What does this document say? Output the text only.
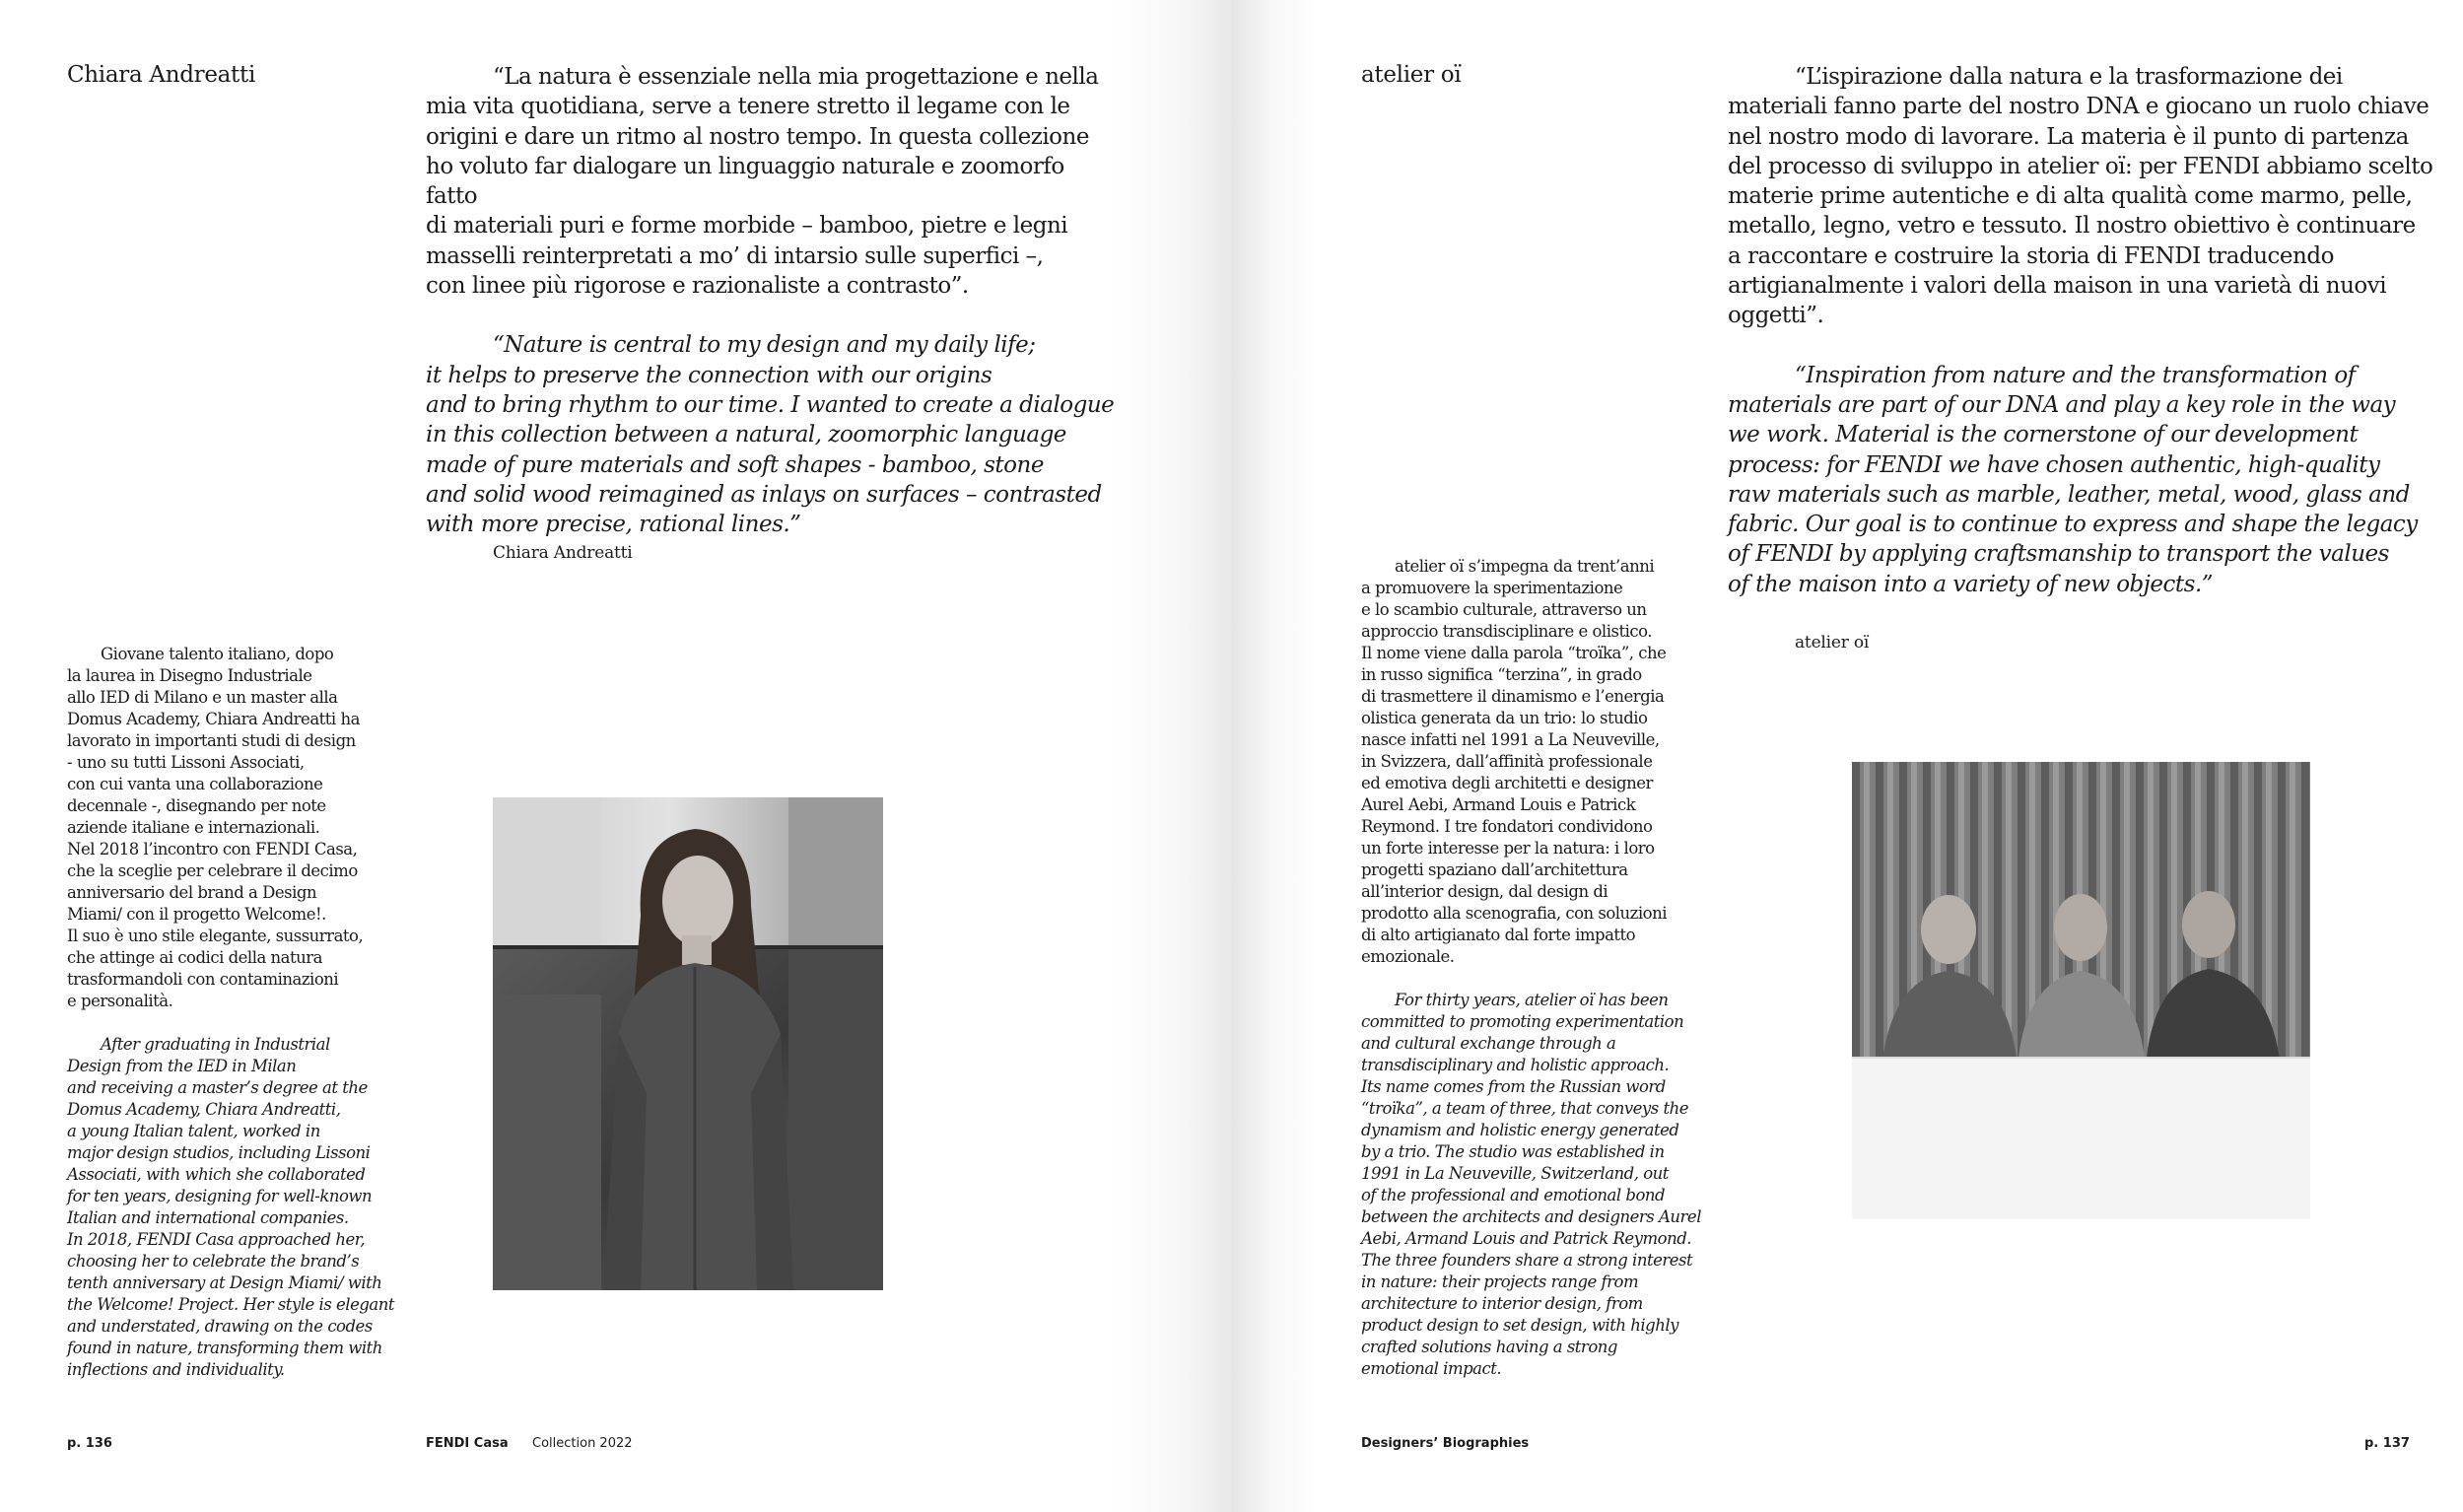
Chiara Andreatti	“La natura è essenziale nella mia progettazione e nella
mia vita quotidiana, serve a tenere stretto il legame con le
origini e dare un ritmo al nostro tempo. In questa collezione
ho voluto far dialogare un linguaggio naturale e zoomorfo fatto
di materiali puri e forme morbide – bamboo, pietre e legni
masselli reinterpretati a mo’ di intarsio sulle superfici –,
con linee più rigorose e razionaliste a contrasto”.

“Nature is central to my design and my daily life;
it helps to preserve the connection with our origins
and to bring rhythm to our time. I wanted to create a dialogue
in this collection between a natural, zoomorphic language
made of pure materials and soft shapes - bamboo, stone
and solid wood reimagined as inlays on surfaces – contrasted
with more precise, rational lines.”

Chiara Andreatti

Giovane talento italiano, dopo
la laurea in Disegno Industriale
allo IED di Milano e un master alla
Domus Academy, Chiara Andreatti ha
lavorato in importanti studi di design
- uno su tutti Lissoni Associati,
con cui vanta una collaborazione
decennale -, disegnando per note
aziende italiane e internazionali.
Nel 2018 l’incontro con FENDI Casa,
che la sceglie per celebrare il decimo
anniversario del brand a Design
Miami/ con il progetto Welcome!.
Il suo è uno stile elegante, sussurrato,
che attinge ai codici della natura
trasformandoli con contaminazioni
e personalità.

After graduating in Industrial
Design from the IED in Milan
and receiving a master’s degree at the
Domus Academy, Chiara Andreatti,
a young Italian talent, worked in
major design studios, including Lissoni
Associati, with which she collaborated
for ten years, designing for well-known
Italian and international companies.
In 2018, FENDI Casa approached her,
choosing her to celebrate the brand’s
tenth anniversary at Design Miami/ with
the Welcome! Project. Her style is elegant
and understated, drawing on the codes
found in nature, transforming them with
inflections and individuality.

p. 136	FENDI Casa Collection 2022
atelier oï	“L’ispirazione dalla natura e la trasformazione dei
materiali fanno parte del nostro DNA e giocano un ruolo chiave
nel nostro modo di lavorare. La materia è il punto di partenza
del processo di sviluppo in atelier oï: per FENDI abbiamo scelto
materie prime autentiche e di alta qualità come marmo, pelle,
metallo, legno, vetro e tessuto. Il nostro obiettivo è continuare
a raccontare e costruire la storia di FENDI traducendo
artigianalmente i valori della maison in una varietà di nuovi
oggetti”.

“Inspiration from nature and the transformation of
materials are part of our DNA and play a key role in the way
we work. Material is the cornerstone of our development
process: for FENDI we have chosen authentic, high-quality
raw materials such as marble, leather, metal, wood, glass and
fabric. Our goal is to continue to express and shape the legacy
of FENDI by applying craftsmanship to transport the values
of the maison into a variety of new objects.”

atelier oï

atelier oï s’impegna da trent’anni
a promuovere la sperimentazione
e lo scambio culturale, attraverso un
approccio transdisciplinare e olistico.
Il nome viene dalla parola “troïka”, che
in russo significa “terzina”, in grado
di trasmettere il dinamismo e l’energia
olistica generata da un trio: lo studio
nasce infatti nel 1991 a La Neuveville,
in Svizzera, dall’affinità professionale
ed emotiva degli architetti e designer
Aurel Aebi, Armand Louis e Patrick
Reymond. I tre fondatori condividono
un forte interesse per la natura: i loro
progetti spaziano dall’architettura
all’interior design, dal design di
prodotto alla scenografia, con soluzioni
di alto artigianato dal forte impatto
emozionale.

For thirty years, atelier oï has been
committed to promoting experimentation
and cultural exchange through a
transdisciplinary and holistic approach.
Its name comes from the Russian word
“troïka”, a team of three, that conveys the
dynamism and holistic energy generated
by a trio. The studio was established in
1991 in La Neuveville, Switzerland, out
of the professional and emotional bond
between the architects and designers Aurel
Aebi, Armand Louis and Patrick Reymond.
The three founders share a strong interest
in nature: their projects range from
architecture to interior design, from
product design to set design, with highly
crafted solutions having a strong
emotional impact.

Designers’ Biographies	p. 137
